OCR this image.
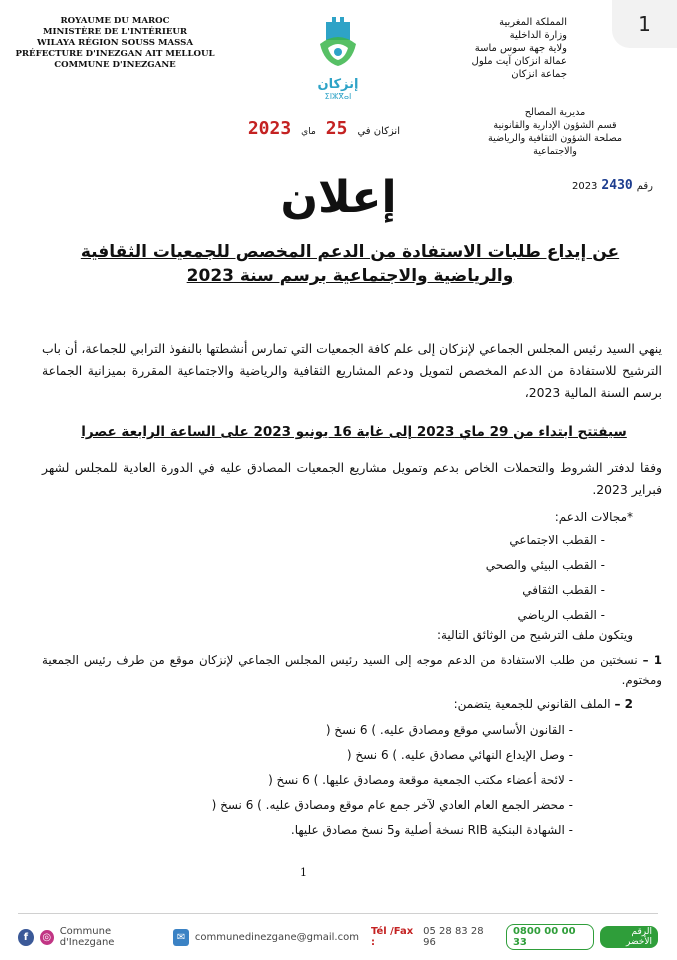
1
ROYAUME DU MAROC
MINISTÈRE DE L'INTÉRIEUR
WILAYA RÉGION SOUSS MASSA
PRÉFECTURE D'INEZGAN AIT MELLOUL
COMMUNE D'INEZGANE
إنزكان
ⵉⵏⵣⴳⴰⵏ
المملكة المغربية
وزارة الداخلية
ولاية جهة سوس ماسة
عمالة انزكان آيت ملول
جماعة انزكان
مديرية المصالح
قسم الشؤون الإدارية والقانونية
مصلحة الشؤون الثقافية والرياضية
والاجتماعية
رقم
2430
2023
انزكان في
25
ماي
2023
إعلان
عن إيداع طلبات الاستفادة من الدعم المخصص للجمعيات الثقافية
والرياضية والاجتماعية برسم سنة 2023
ينهي السيد رئيس المجلس الجماعي لإنزكان إلى علم كافة الجمعيات التي تمارس أنشطتها بالنفوذ الترابي للجماعة، أن باب الترشيح للاستفادة من الدعم المخصص لتمويل ودعم المشاريع الثقافية والرياضية والاجتماعية المقررة بميزانية الجماعة برسم السنة المالية 2023،
سيفتتح ابتداء من 29 ماي 2023 إلى غاية 16 يونيو 2023 على الساعة الرابعة عصرا
وفقا لدفتر الشروط والتحملات الخاص بدعم وتمويل مشاريع الجمعيات المصادق عليه في الدورة العادية للمجلس لشهر فبراير 2023.
*مجالات الدعم:
- القطب الاجتماعي
- القطب البيئي والصحي
- القطب الثقافي
- القطب الرياضي
ويتكون ملف الترشيح من الوثائق التالية:
1 – نسختين من طلب الاستفادة من الدعم موجه إلى السيد رئيس المجلس الجماعي لإنزكان موقع من طرف رئيس الجمعية ومختوم.
2 – الملف القانوني للجمعية يتضمن:
- القانون الأساسي موقع ومصادق عليه. ) 6 نسخ (
- وصل الإيداع النهائي مصادق عليه. ) 6 نسخ (
- لائحة أعضاء مكتب الجمعية موقعة ومصادق عليها. ) 6 نسخ (
- محضر الجمع العام العادي لآخر جمع عام موقع ومصادق عليه. ) 6 نسخ (
- الشهادة البنكية RIB نسخة أصلية و5 نسخ مصادق عليها.
1
f	◎ Commune d'Inezgane	✉ communedinezgane@gmail.com Tél /Fax :
05 28 83 28 96
0800 00 00 33
الرقم الأخضر
